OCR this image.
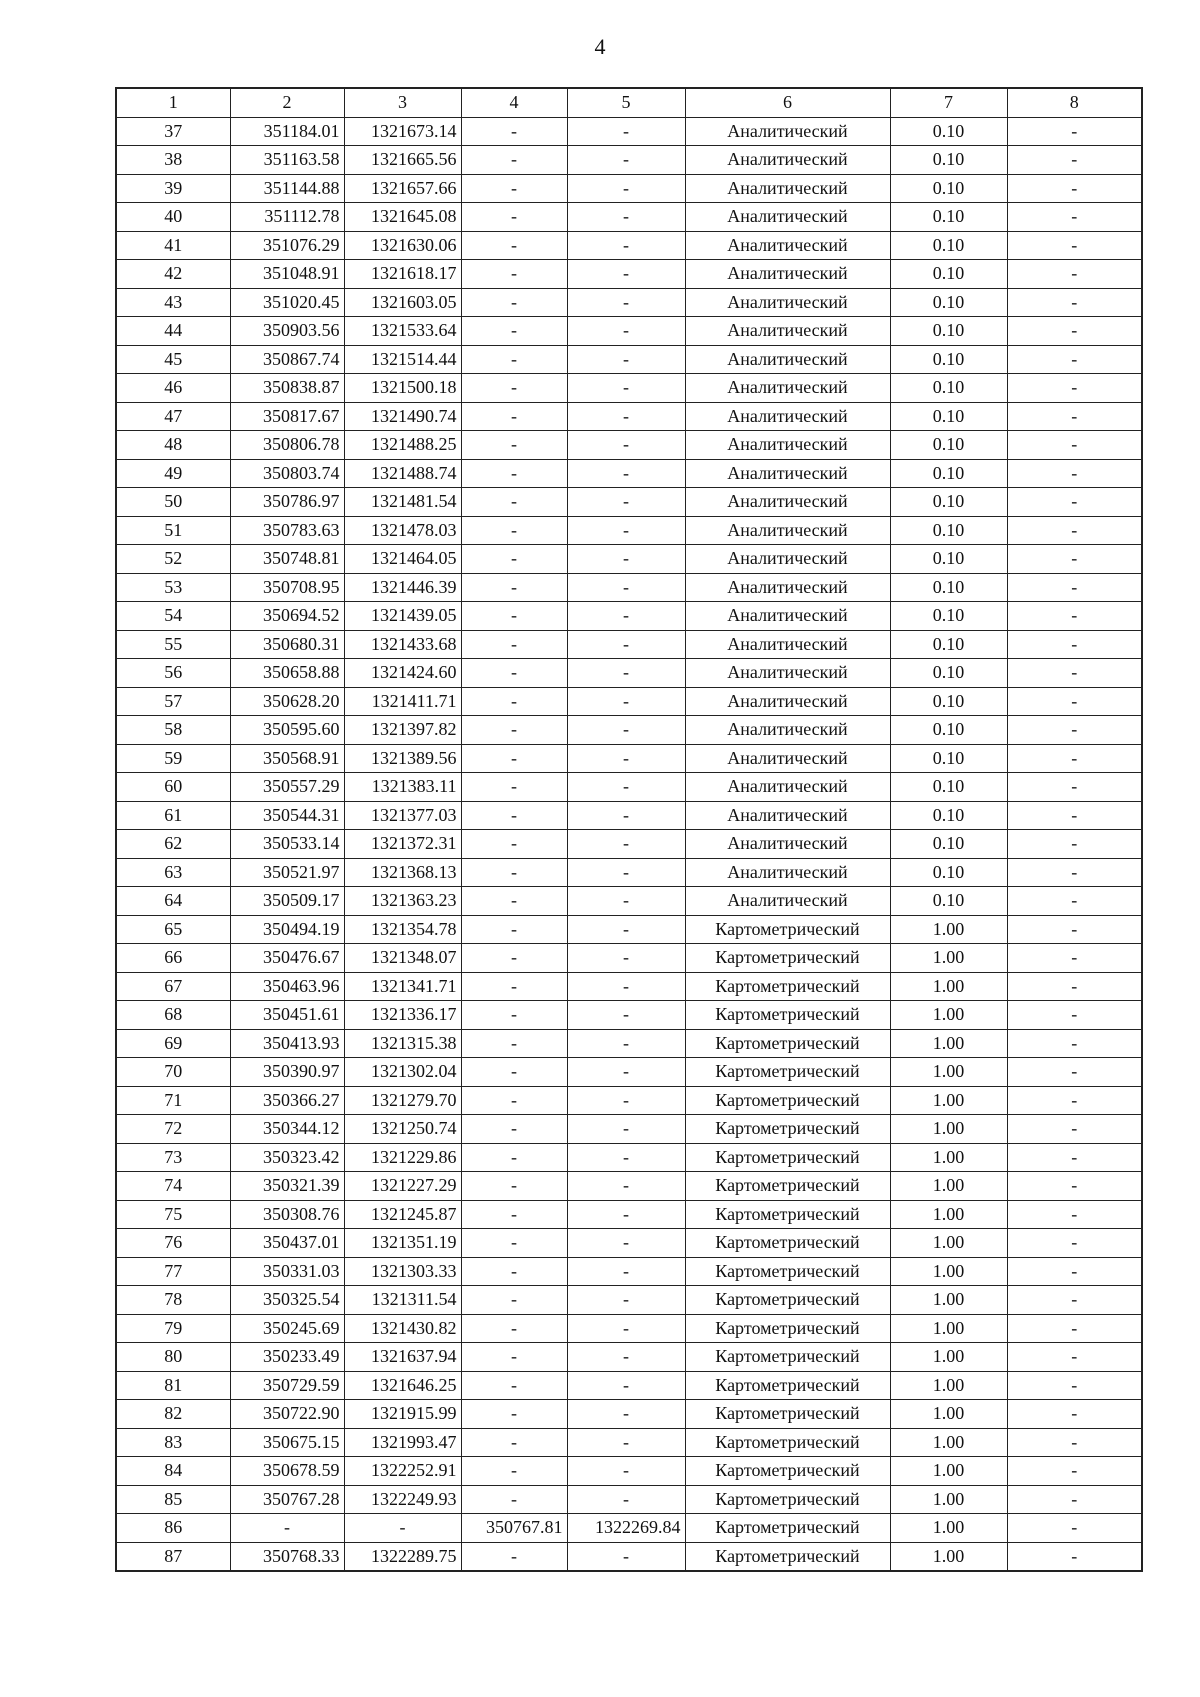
4
1	2	3	4	5	6	7	8
37	351184.01	1321673.14	-	-	Аналитический	0.10	-
38	351163.58	1321665.56	-	-	Аналитический	0.10	-
39	351144.88	1321657.66	-	-	Аналитический	0.10	-
40	351112.78	1321645.08	-	-	Аналитический	0.10	-
41	351076.29	1321630.06	-	-	Аналитический	0.10	-
42	351048.91	1321618.17	-	-	Аналитический	0.10	-
43	351020.45	1321603.05	-	-	Аналитический	0.10	-
44	350903.56	1321533.64	-	-	Аналитический	0.10	-
45	350867.74	1321514.44	-	-	Аналитический	0.10	-
46	350838.87	1321500.18	-	-	Аналитический	0.10	-
47	350817.67	1321490.74	-	-	Аналитический	0.10	-
48	350806.78	1321488.25	-	-	Аналитический	0.10	-
49	350803.74	1321488.74	-	-	Аналитический	0.10	-
50	350786.97	1321481.54	-	-	Аналитический	0.10	-
51	350783.63	1321478.03	-	-	Аналитический	0.10	-
52	350748.81	1321464.05	-	-	Аналитический	0.10	-
53	350708.95	1321446.39	-	-	Аналитический	0.10	-
54	350694.52	1321439.05	-	-	Аналитический	0.10	-
55	350680.31	1321433.68	-	-	Аналитический	0.10	-
56	350658.88	1321424.60	-	-	Аналитический	0.10	-
57	350628.20	1321411.71	-	-	Аналитический	0.10	-
58	350595.60	1321397.82	-	-	Аналитический	0.10	-
59	350568.91	1321389.56	-	-	Аналитический	0.10	-
60	350557.29	1321383.11	-	-	Аналитический	0.10	-
61	350544.31	1321377.03	-	-	Аналитический	0.10	-
62	350533.14	1321372.31	-	-	Аналитический	0.10	-
63	350521.97	1321368.13	-	-	Аналитический	0.10	-
64	350509.17	1321363.23	-	-	Аналитический	0.10	-
65	350494.19	1321354.78	-	-	Картометрический	1.00	-
66	350476.67	1321348.07	-	-	Картометрический	1.00	-
67	350463.96	1321341.71	-	-	Картометрический	1.00	-
68	350451.61	1321336.17	-	-	Картометрический	1.00	-
69	350413.93	1321315.38	-	-	Картометрический	1.00	-
70	350390.97	1321302.04	-	-	Картометрический	1.00	-
71	350366.27	1321279.70	-	-	Картометрический	1.00	-
72	350344.12	1321250.74	-	-	Картометрический	1.00	-
73	350323.42	1321229.86	-	-	Картометрический	1.00	-
74	350321.39	1321227.29	-	-	Картометрический	1.00	-
75	350308.76	1321245.87	-	-	Картометрический	1.00	-
76	350437.01	1321351.19	-	-	Картометрический	1.00	-
77	350331.03	1321303.33	-	-	Картометрический	1.00	-
78	350325.54	1321311.54	-	-	Картометрический	1.00	-
79	350245.69	1321430.82	-	-	Картометрический	1.00	-
80	350233.49	1321637.94	-	-	Картометрический	1.00	-
81	350729.59	1321646.25	-	-	Картометрический	1.00	-
82	350722.90	1321915.99	-	-	Картометрический	1.00	-
83	350675.15	1321993.47	-	-	Картометрический	1.00	-
84	350678.59	1322252.91	-	-	Картометрический	1.00	-
85	350767.28	1322249.93	-	-	Картометрический	1.00	-
86	-	-	350767.81	1322269.84	Картометрический	1.00	-
87	350768.33	1322289.75	-	-	Картометрический	1.00	-
